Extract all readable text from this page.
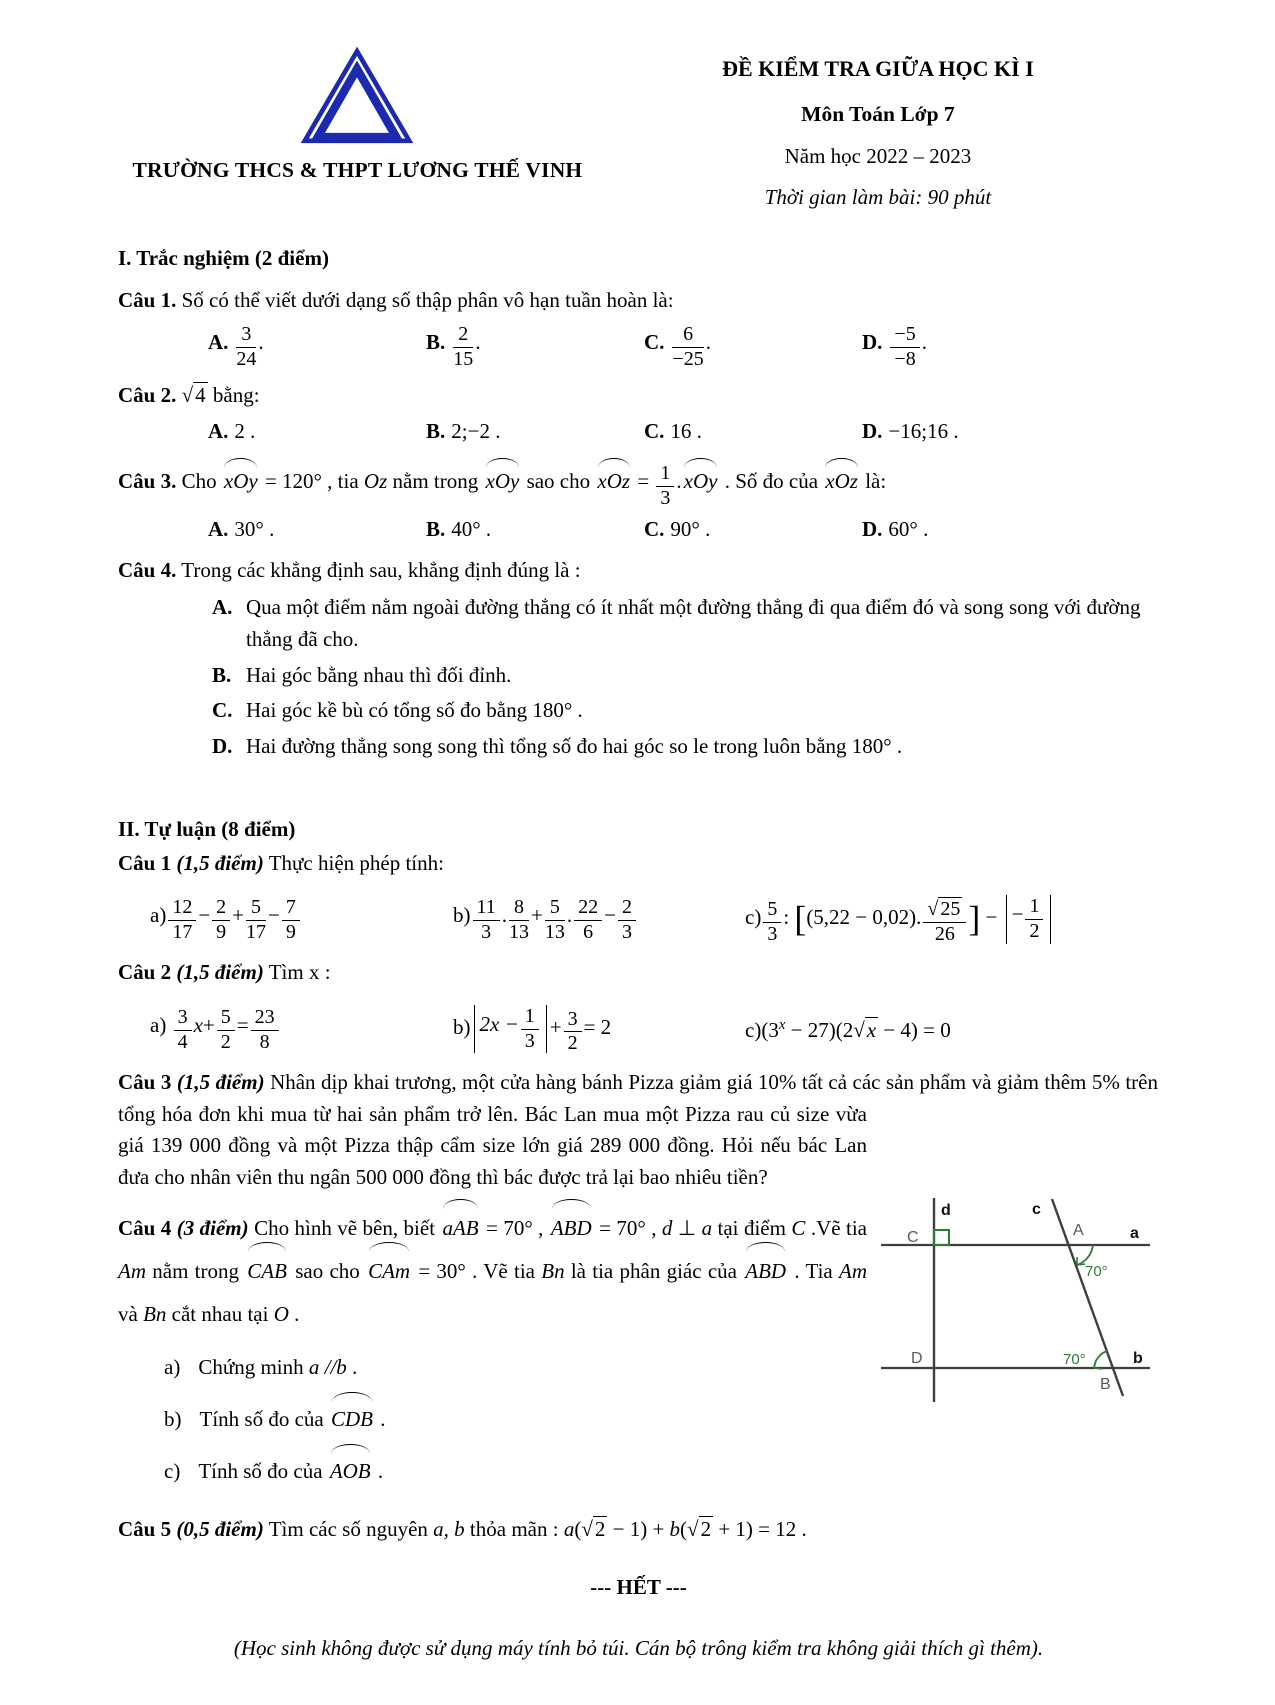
TRƯỜNG THCS & THPT LƯƠNG THẾ VINH
ĐỀ KIỂM TRA GIỮA HỌC KÌ I
Môn Toán Lớp 7
Năm học 2022 – 2023
Thời gian làm bài: 90 phút
I. Trắc nghiệm (2 điểm)
Câu 1. Số có thể viết dưới dạng số thập phân vô hạn tuần hoàn là:
A. $\frac{3}{24}$ .	B. $\frac{2}{15}$ .	C. $\frac{6}{-25}$ .	D. $\frac{-5}{-8}$ .
Câu 2. √ 4 bằng:
A. 2 .	B. 2;−2 .	C. 16 .	D. −16;16 .
Câu 3. Cho xOy = 120° , tia Oz nằm trong xOy sao cho xOz = $\frac{1}{3} .xOy$ . Số đo của xOz là:
A. 30° .	B. 40° .	C. 90° .	D. 60° .
Câu 4. Trong các khẳng định sau, khẳng định đúng là :
A. Qua một điểm nằm ngoài đường thẳng có ít nhất một đường thẳng đi qua điểm đó và song song với đường thẳng đã cho.
B. Hai góc bằng nhau thì đối đỉnh.
C. Hai góc kề bù có tổng số đo bằng 180° .
D. Hai đường thẳng song song thì tổng số đo hai góc so le trong luôn bằng 180° .
II. Tự luận (8 điểm)
Câu 1 (1,5 điểm) Thực hiện phép tính:
$a) \frac{12}{17} - \frac{2}{9} + \frac{5}{17} - \frac{7}{9}$	$b) \frac{11}{3}$ . $\frac{8}{13} + \frac{5}{13}$ . $\frac{22}{6} - \frac{2}{3}$	$c) \frac{5}{3}$ : [(5,22 − 0,02). √ $\frac{25}{26}$ ] − − $\frac{1}{2}$
Câu 2 (1,5 điểm) Tìm x :
$a) \frac{3}{4} x+ \frac{5}{2} = \frac{23}{8}$	b) $2x - \frac{1}{3} + \frac{3}{2} = 2$	$c)(3^x - 27)(2$ √ x − 4) = 0
d	c
C	A	a
70°
D	70°	b
B

Câu 3 (1,5 điểm) Nhân dịp khai trương, một cửa hàng bánh Pizza giảm giá 10% tất cả các sản phẩm và giảm thêm 5% trên tổng hóa đơn khi mua từ hai sản phẩm trở lên. Bác Lan mua một Pizza rau củ size vừa giá 139 000 đồng và một Pizza thập cẩm size lớn giá 289 000 đồng. Hỏi nếu bác Lan đưa cho nhân viên thu ngân 500 000 đồng thì bác được trả lại bao nhiêu tiền?

Câu 4 (3 điểm) Cho hình vẽ bên, biết aAB = 70° , ABD = 70° , d ⊥ a tại điểm C .Vẽ tia Am nằm trong CAB sao cho CAm = 30° . Vẽ tia Bn là tia phân giác của ABD . Tia Am và Bn cắt nhau tại O .

a) Chứng minh a //b .
b) Tính số đo của CDB .
c) Tính số đo của AOB .
Câu 5 (0,5 điểm) Tìm các số nguyên a, b thỏa mãn : a( √ 2 − 1) + b( √ 2 + 1) = 12 .
--- HẾT ---
(Học sinh không được sử dụng máy tính bỏ túi. Cán bộ trông kiểm tra không giải thích gì thêm).
